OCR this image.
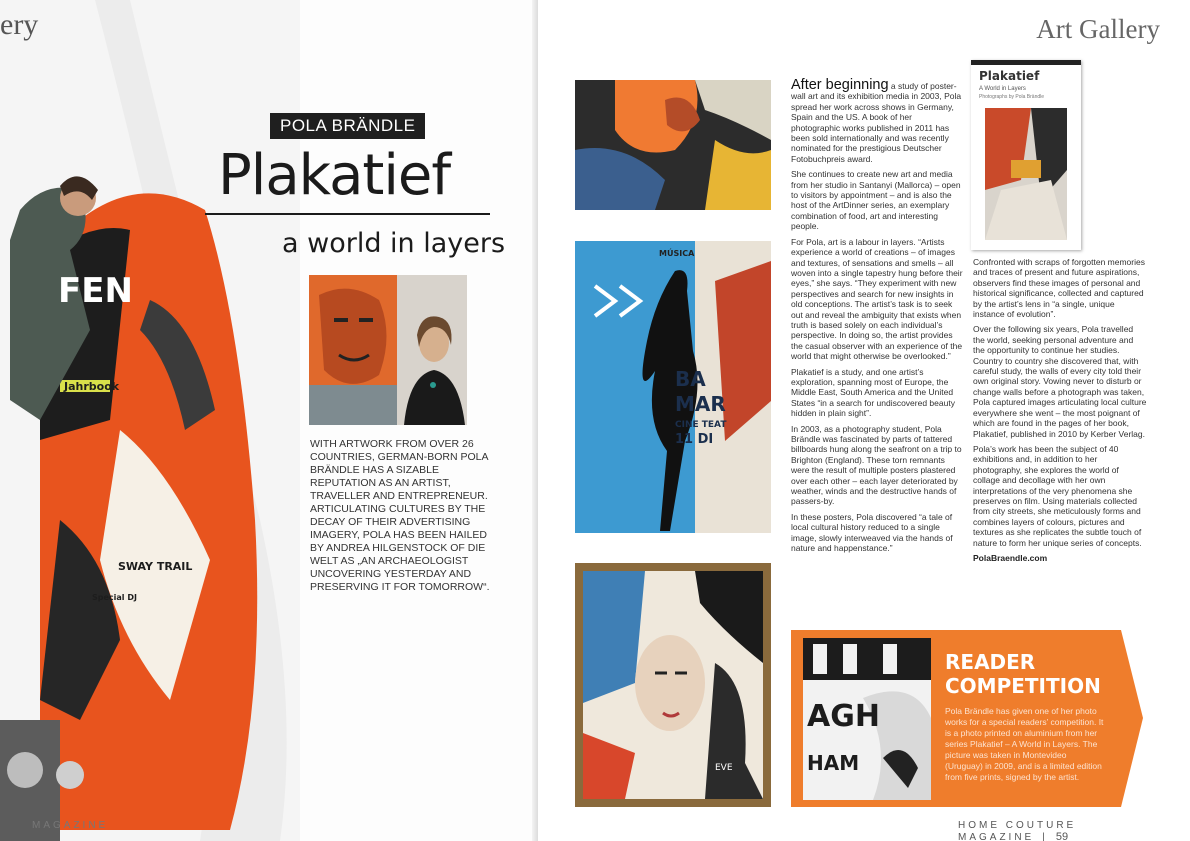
FEN
Jahrbook
SWAY TRAIL
Special DJ
ery
POLA BRÄNDLE
Plakatief
a world in layers

WITH ARTWORK FROM OVER 26 COUNTRIES, GERMAN-BORN POLA BRÄNDLE HAS A SIZABLE REPUTATION AS AN ARTIST, TRAVELLER AND ENTREPRENEUR. ARTICULATING CULTURES BY THE DECAY OF THEIR ADVERTISING IMAGERY, POLA HAS BEEN HAILED BY ANDREA HILGENSTOCK OF DIE WELT AS „AN ARCHAEOLOGIST UNCOVERING YESTERDAY AND PRESERVING IT FOR TOMORROW“.

MAGAZINE
Art Gallery
MÚSICA
BA
MAR
CINE TEAT
11 DI
EVE

After beginning a study of poster-wall art and its exhibition media in 2003, Pola spread her work across shows in Germany, Spain and the US. A book of her photographic works published in 2011 has been sold internationally and was recently nominated for the prestigious Deutscher Fotobuchpreis award.

She continues to create new art and media from her studio in Santanyi (Mallorca) – open to visitors by appointment – and is also the host of the ArtDinner series, an exemplary combination of food, art and interesting people.

For Pola, art is a labour in layers. “Artists experience a world of creations – of images and textures, of sensations and smells – all woven into a single tapestry hung before their eyes,” she says. “They experiment with new perspectives and search for new insights in old conceptions. The artist’s task is to seek out and reveal the ambiguity that exists when truth is based solely on each individual’s perspective. In doing so, the artist provides the casual observer with an experience of the world that might otherwise be overlooked.”

Plakatief is a study, and one artist’s exploration, spanning most of Europe, the Middle East, South America and the United States “in a search for undiscovered beauty hidden in plain sight”.

In 2003, as a photography student, Pola Brändle was fascinated by parts of tattered billboards hung along the seafront on a trip to Brighton (England). These torn remnants were the result of multiple posters plastered over each other – each layer deteriorated by weather, winds and the destructive hands of passers-by.

In these posters, Pola discovered “a tale of local cultural history reduced to a single image, slowly interweaved via the hands of nature and happenstance.”

Plakatief
A World in Layers
Photographs by Pola Brändle

Confronted with scraps of forgotten memories and traces of present and future aspirations, observers find these images of personal and historical significance, collected and captured by the artist’s lens in “a single, unique instance of evolution”.

Over the following six years, Pola travelled the world, seeking personal adventure and the opportunity to continue her studies. Country to country she discovered that, with careful study, the walls of every city told their own original story. Vowing never to disturb or change walls before a photograph was taken, Pola captured images articulating local culture everywhere she went – the most poignant of which are found in the pages of her book, Plakatief, published in 2010 by Kerber Verlag.

Pola’s work has been the subject of 40 exhibitions and, in addition to her photography, she explores the world of collage and decollage with her own interpretations of the very phenomena she preserves on film. Using materials collected from city streets, she meticulously forms and combines layers of colours, pictures and textures as she replicates the subtle touch of nature to form her unique series of concepts.

PolaBraendle.com

AGH
HAM
READER
COMPETITION

Pola Brändle has given one of her photo works for a special readers’ competition. It is a photo printed on aluminium from her series Plakatief – A World in Layers. The picture was taken in Montevideo (Uruguay) in 2009, and is a limited edition from five prints, signed by the artist.

HOME COUTURE MAGAZINE | 59
